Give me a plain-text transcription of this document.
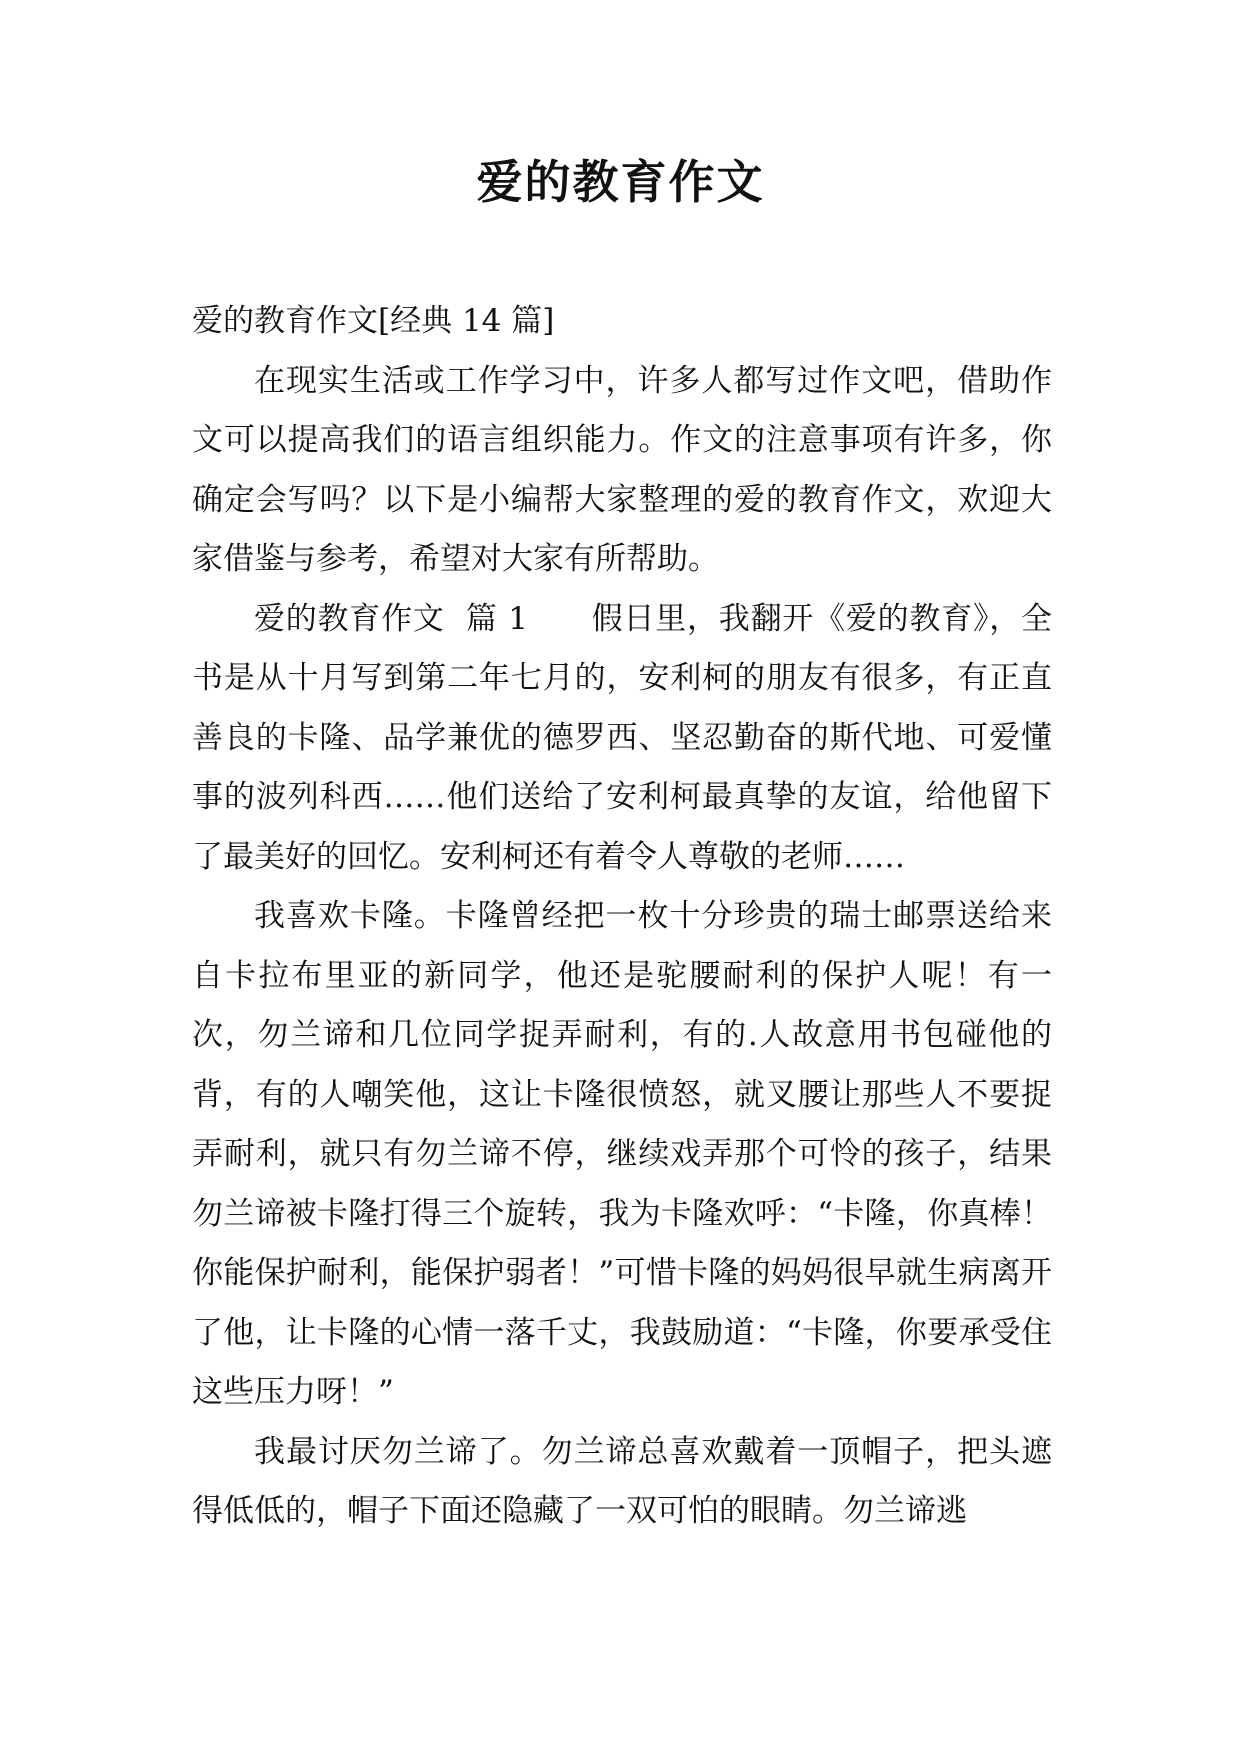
爱的教育作文

爱的教育作文[经典 14 篇]

在现实生活或工作学习中，许多人都写过作文吧，借助作文可以提高我们的语言组织能力。作文的注意事项有许多，你确定会写吗？以下是小编帮大家整理的爱的教育作文，欢迎大家借鉴与参考，希望对大家有所帮助。

爱的教育作文  篇 1 假日里，我翻开《爱的教育》，全书是从十月写到第二年七月的，安利柯的朋友有很多，有正直善良的卡隆、品学兼优的德罗西、坚忍勤奋的斯代地、可爱懂事的波列科西……他们送给了安利柯最真挚的友谊，给他留下了最美好的回忆。安利柯还有着令人尊敬的老师……

我喜欢卡隆。卡隆曾经把一枚十分珍贵的瑞士邮票送给来自卡拉布里亚的新同学，他还是驼腰耐利的保护人呢！有一次，勿兰谛和几位同学捉弄耐利，有的.人故意用书包碰他的背，有的人嘲笑他，这让卡隆很愤怒，就叉腰让那些人不要捉弄耐利，就只有勿兰谛不停，继续戏弄那个可怜的孩子，结果勿兰谛被卡隆打得三个旋转，我为卡隆欢呼：“卡隆，你真棒！你能保护耐利，能保护弱者！”可惜卡隆的妈妈很早就生病离开了他，让卡隆的心情一落千丈，我鼓励道：“卡隆，你要承受住这些压力呀！”

我最讨厌勿兰谛了。勿兰谛总喜欢戴着一顶帽子，把头遮得低低的，帽子下面还隐藏了一双可怕的眼睛。勿兰谛逃
